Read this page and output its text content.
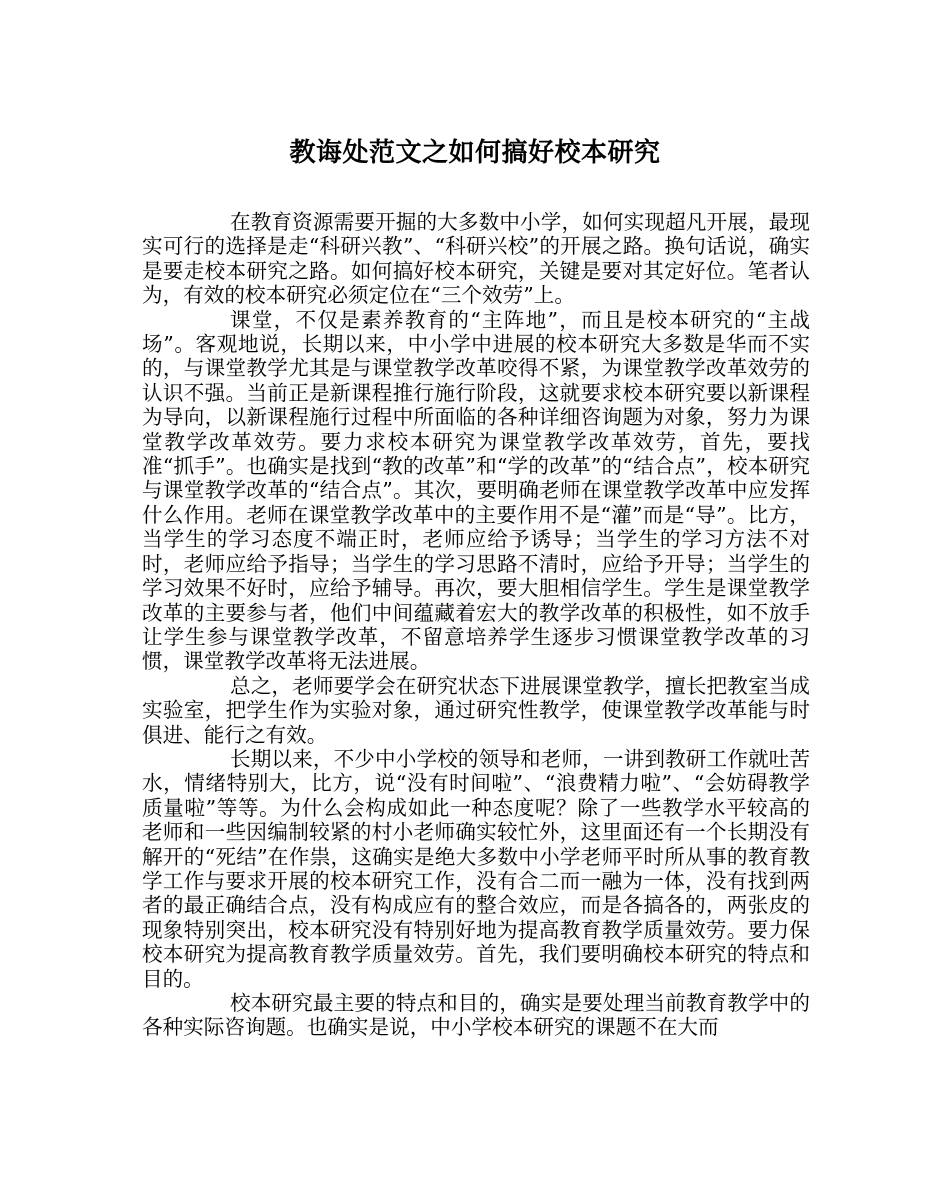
教诲处范文之如何搞好校本研究

在教育资源需要开掘的大多数中小学，如何实现超凡开展，最现实可行的选择是走“科研兴教”、“科研兴校”的开展之路。换句话说，确实是要走校本研究之路。如何搞好校本研究，关键是要对其定好位。笔者认为，有效的校本研究必须定位在“三个效劳”上。

课堂，不仅是素养教育的“主阵地”，而且是校本研究的“主战场”。客观地说，长期以来，中小学中进展的校本研究大多数是华而不实的，与课堂教学尤其是与课堂教学改革咬得不紧，为课堂教学改革效劳的认识不强。当前正是新课程推行施行阶段，这就要求校本研究要以新课程为导向，以新课程施行过程中所面临的各种详细咨询题为对象，努力为课堂教学改革效劳。要力求校本研究为课堂教学改革效劳，首先，要找准“抓手”。也确实是找到“教的改革”和“学的改革”的“结合点”，校本研究与课堂教学改革的“结合点”。其次，要明确老师在课堂教学改革中应发挥什么作用。老师在课堂教学改革中的主要作用不是“灌”而是“导”。比方，当学生的学习态度不端正时，老师应给予诱导；当学生的学习方法不对时，老师应给予指导；当学生的学习思路不清时，应给予开导；当学生的学习效果不好时，应给予辅导。再次，要大胆相信学生。学生是课堂教学改革的主要参与者，他们中间蕴藏着宏大的教学改革的积极性，如不放手让学生参与课堂教学改革，不留意培养学生逐步习惯课堂教学改革的习惯，课堂教学改革将无法进展。

总之，老师要学会在研究状态下进展课堂教学，擅长把教室当成实验室，把学生作为实验对象，通过研究性教学，使课堂教学改革能与时俱进、能行之有效。

长期以来，不少中小学校的领导和老师，一讲到教研工作就吐苦水，情绪特别大，比方，说“没有时间啦”、“浪费精力啦”、“会妨碍教学质量啦”等等。为什么会构成如此一种态度呢？除了一些教学水平较高的老师和一些因编制较紧的村小老师确实较忙外，这里面还有一个长期没有解开的“死结”在作祟，这确实是绝大多数中小学老师平时所从事的教育教学工作与要求开展的校本研究工作，没有合二而一融为一体，没有找到两者的最正确结合点，没有构成应有的整合效应，而是各搞各的，两张皮的现象特别突出，校本研究没有特别好地为提高教育教学质量效劳。要力保校本研究为提高教育教学质量效劳。首先，我们要明确校本研究的特点和目的。

校本研究最主要的特点和目的，确实是要处理当前教育教学中的各种实际咨询题。也确实是说，中小学校本研究的课题不在大而
